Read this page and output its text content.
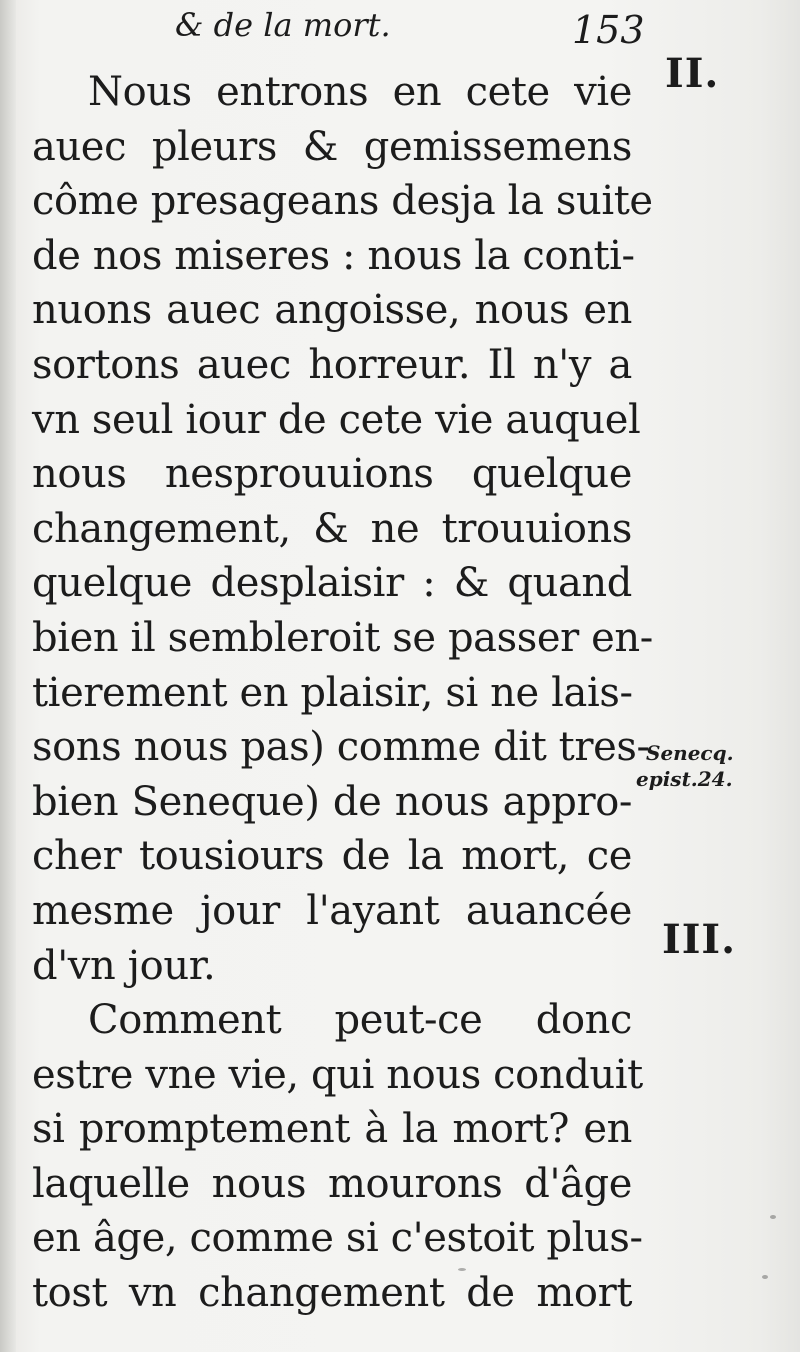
& de la mort.	153
II.
III.
Senecq.
epist.24.
Nous entrons en cete vie
auec pleurs & gemissemens
côme presageans desja la suite
de nos miseres : nous la conti-
nuons auec angoisse, nous en
sortons auec horreur. Il n'y a
vn seul iour de cete vie auquel
nous nesprouuions quelque
changement, & ne trouuions
quelque desplaisir : & quand
bien il sembleroit se passer en-
tierement en plaisir, si ne lais-
sons nous pas) comme dit tres-
bien Seneque) de nous appro-
cher tousiours de la mort, ce
mesme jour l'ayant auancée
d'vn jour.
Comment peut-ce donc
estre vne vie, qui nous conduit
si promptement à la mort? en
laquelle nous mourons d'âge
en âge, comme si c'estoit plus-
tost vn changement de mort
